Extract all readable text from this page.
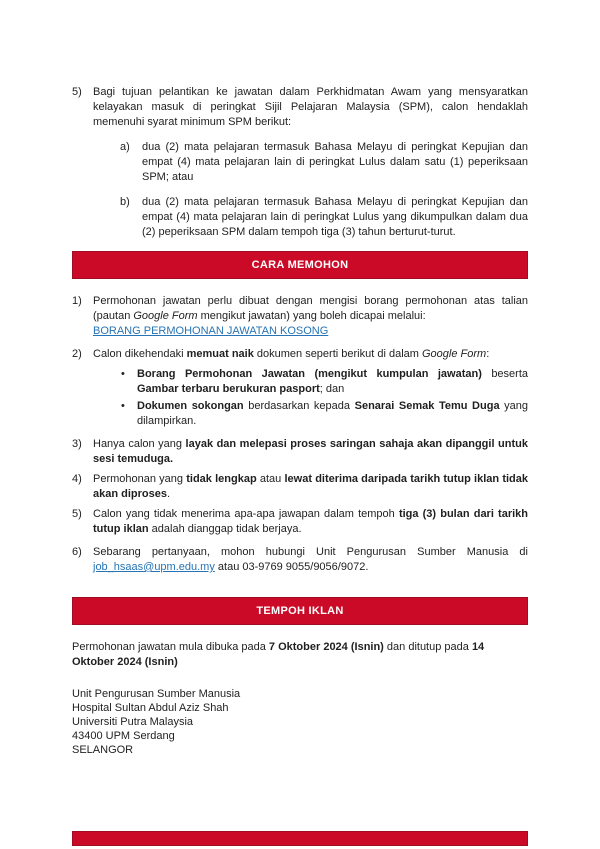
5)	Bagi tujuan pelantikan ke jawatan dalam Perkhidmatan Awam yang mensyaratkan kelayakan masuk di peringkat Sijil Pelajaran Malaysia (SPM), calon hendaklah memenuhi syarat minimum SPM berikut:
a)	dua (2) mata pelajaran termasuk Bahasa Melayu di peringkat Kepujian dan empat (4) mata pelajaran lain di peringkat Lulus dalam satu (1) peperiksaan SPM; atau
b)	dua (2) mata pelajaran termasuk Bahasa Melayu di peringkat Kepujian dan empat (4) mata pelajaran lain di peringkat Lulus yang dikumpulkan dalam dua (2) peperiksaan SPM dalam tempoh tiga (3) tahun berturut-turut.
CARA MEMOHON
1)	Permohonan jawatan perlu dibuat dengan mengisi borang permohonan atas talian (pautan Google Form mengikut jawatan) yang boleh dicapai melalui:
BORANG PERMOHONAN JAWATAN KOSONG
2)	Calon dikehendaki memuat naik dokumen seperti berikut di dalam Google Form:
•	Borang Permohonan Jawatan (mengikut kumpulan jawatan) beserta Gambar terbaru berukuran pasport; dan
•	Dokumen sokongan berdasarkan kepada Senarai Semak Temu Duga yang dilampirkan.
3)	Hanya calon yang layak dan melepasi proses saringan sahaja akan dipanggil untuk sesi temuduga.
4)	Permohonan yang tidak lengkap atau lewat diterima daripada tarikh tutup iklan tidak akan diproses.
5)	Calon yang tidak menerima apa-apa jawapan dalam tempoh tiga (3) bulan dari tarikh tutup iklan adalah dianggap tidak berjaya.
6)	Sebarang pertanyaan, mohon hubungi Unit Pengurusan Sumber Manusia di job_hsaas@upm.edu.my atau 03-9769 9055/9056/9072.
TEMPOH IKLAN
Permohonan jawatan mula dibuka pada 7 Oktober 2024 (Isnin) dan ditutup pada 14 Oktober 2024 (Isnin)
Unit Pengurusan Sumber Manusia
Hospital Sultan Abdul Aziz Shah
Universiti Putra Malaysia
43400 UPM Serdang
SELANGOR
